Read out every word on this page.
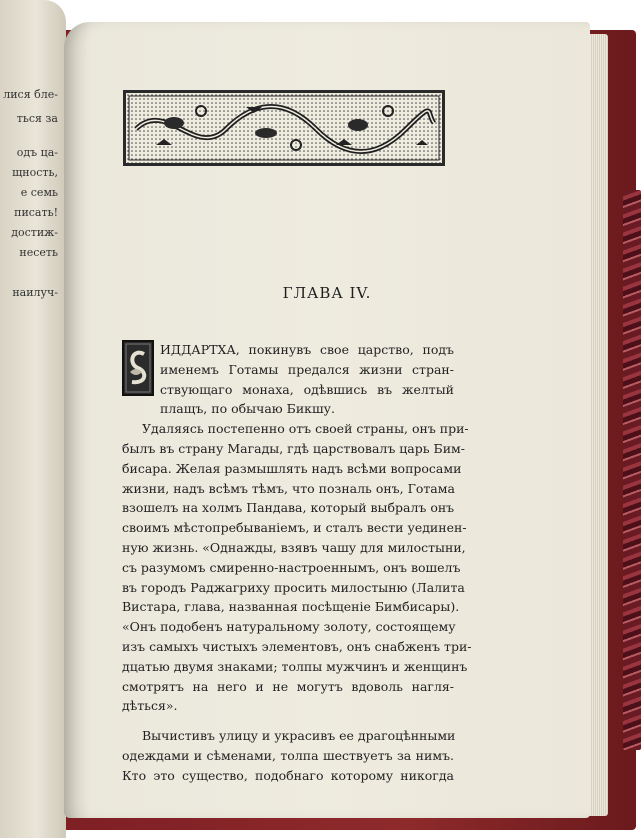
лися бле-
ться за
одъ ца-
щность,
е семь
писать!
достиж-
несеть
наилуч-	ГЛАВА IV.
ИДДАРТХА, покинувъ свое царство, подъ
именемъ Готамы предался жизни стран-
ствующаго монаха, одѣвшись въ желтый
плащъ, по обычаю Бикшу.
Удаляясь постепенно отъ своей страны, онъ при-
былъ въ страну Магады, гдѣ царствовалъ царь Бим-
бисара. Желая размышлять надъ всѣми вопросами
жизни, надъ всѣмъ тѣмъ, что позналь онъ, Готама
взошелъ на холмъ Пандава, который выбралъ онъ
своимъ мѣстопребываніемъ, и сталъ вести уединен-
ную жизнь. «Однажды, взявъ чашу для милостыни,
съ разумомъ смиренно-настроеннымъ, онъ вошелъ
въ городъ Раджагриху просить милостыню (Лалита
Вистара, глава, названная посѣщеніе Бимбисары).
«Онъ подобенъ натуральному золоту, состоящему
изъ самыхъ чистыхъ элементовъ, онъ снабженъ три-
дцатью двумя знаками; толпы мужчинъ и женщинъ
смотрятъ на него и не могутъ вдоволь нагля-
дѣться».
Вычистивъ улицу и украсивъ ее драгоцѣнными
одеждами и сѣменами, толпа шествуетъ за нимъ.
Кто это существо, подобнаго которому никогда
